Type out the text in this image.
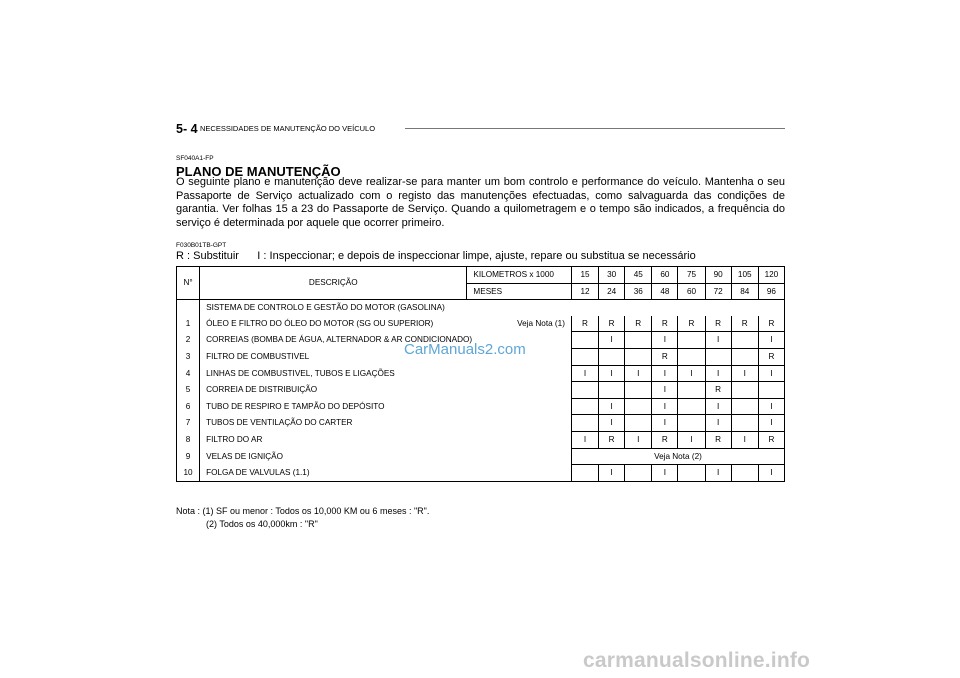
5- 4 NECESSIDADES DE MANUTENÇÃO DO VEÍCULO
SF040A1-FP
PLANO DE MANUTENÇÃO
O seguinte plano e manutenção deve realizar-se para manter um bom controlo e performance do veículo. Mantenha o seu Passaporte de Serviço actualizado com o registo das manutenções efectuadas, como salvaguarda das condições de garantia. Ver folhas 15 a 23 do Passaporte de Serviço. Quando a quilometragem e o tempo são indicados, a frequência do serviço é determinada por aquele que ocorrer primeiro.
F030B01TB-GPT
R : Substituir      I : Inspeccionar; e depois de inspeccionar limpe, ajuste, repare ou substitua se necessário
N°	DESCRIÇÃO	KILOMETROS x 1000	15	30	45	60	75	90	105	120
		MESES	12	24	36	48	60	72	84	96
	SISTEMA DE CONTROLO E GESTÃO DO MOTOR (GASOLINA)									
1	ÓLEO E FILTRO DO ÓLEO DO MOTOR (SG OU SUPERIOR) Veja Nota (1)		R	R	R	R	R	R	R	R
2	CORREIAS (BOMBA DE ÁGUA, ALTERNADOR & AR CONDICIONADO)			I		I		I		I
3	FILTRO DE COMBUSTIVEL					R				R
4	LINHAS DE COMBUSTIVEL, TUBOS E LIGAÇÕES		I	I	I	I	I	I	I	I
5	CORREIA DE DISTRIBUIÇÃO					I		R		
6	TUBO DE RESPIRO E TAMPÃO DO DEPÓSITO			I		I		I		I
7	TUBOS DE VENTILAÇÃO DO CARTER			I		I		I		I
8	FILTRO DO AR		I	R	I	R	I	R	I	R
9	VELAS DE IGNIÇÃO		Veja Nota (2)							
10	FOLGA DE VALVULAS (1.1)			I		I		I		I
CarManuals2.com
Nota : (1) SF ou menor : Todos os 10,000 KM ou 6 meses : "R".
(2) Todos os 40,000km : "R"
carmanualsonline.info
